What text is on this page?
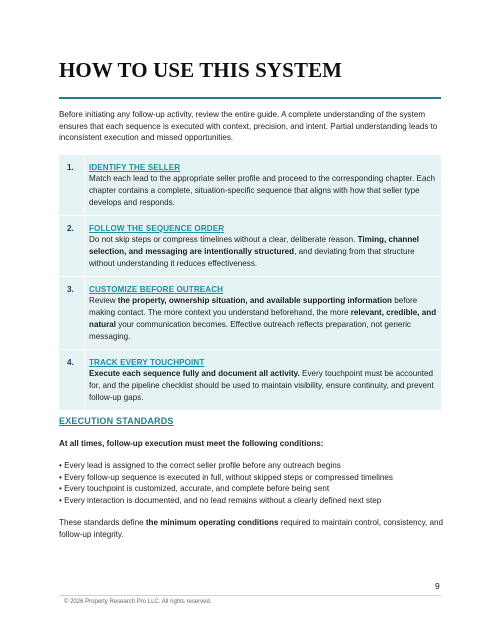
HOW TO USE THIS SYSTEM

Before initiating any follow-up activity, review the entire guide. A complete understanding of the system ensures that each sequence is executed with context, precision, and intent. Partial understanding leads to inconsistent execution and missed opportunities.

1.	IDENTIFY THE SELLER
Match each lead to the appropriate seller profile and proceed to the corresponding chapter. Each chapter contains a complete, situation-specific sequence that aligns with how that seller type develops and responds.
2.	FOLLOW THE SEQUENCE ORDER
Do not skip steps or compress timelines without a clear, deliberate reason. Timing, channel selection, and messaging are intentionally structured, and deviating from that structure without understanding it reduces effectiveness.
3.	CUSTOMIZE BEFORE OUTREACH
Review the property, ownership situation, and available supporting information before making contact. The more context you understand beforehand, the more relevant, credible, and natural your communication becomes. Effective outreach reflects preparation, not generic messaging.
4.	TRACK EVERY TOUCHPOINT
Execute each sequence fully and document all activity. Every touchpoint must be accounted for, and the pipeline checklist should be used to maintain visibility, ensure continuity, and prevent follow-up gaps.
EXECUTION STANDARDS
At all times, follow-up execution must meet the following conditions:
• Every lead is assigned to the correct seller profile before any outreach begins
• Every follow-up sequence is executed in full, without skipped steps or compressed timelines
• Every touchpoint is customized, accurate, and complete before being sent
• Every interaction is documented, and no lead remains without a clearly defined next step

These standards define the minimum operating conditions required to maintain control, consistency, and follow-up integrity.

9
© 2026 Property Research Pro LLC. All rights reserved.
